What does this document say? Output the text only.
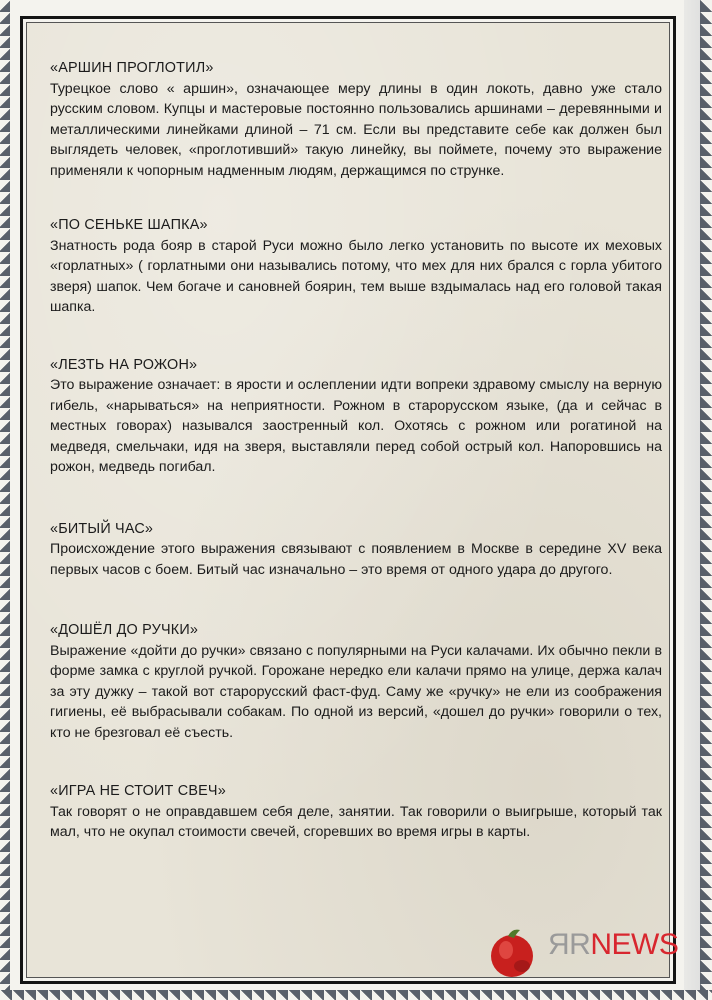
«АРШИН ПРОГЛОТИЛ»

Турецкое слово « аршин», означающее меру длины в один локоть, давно уже стало русским словом. Купцы и мастеровые постоянно пользовались аршинами – деревянными и металлическими линейками длиной – 71 см. Если вы представите себе как должен был выглядеть человек, «проглотивший» такую линейку, вы поймете, почему это выражение применяли к чопорным надменным людям, держащимся по струнке.

«ПО СЕНЬКЕ ШАПКА»

Знатность рода бояр в старой Руси можно было легко установить по высоте их меховых «горлатных» ( горлатными они назывались потому, что мех для них брался с горла убитого зверя) шапок. Чем богаче и сановней боярин, тем выше вздымалась над его головой такая шапка.

«ЛЕЗТЬ НА РОЖОН»

Это выражение означает: в ярости и ослеплении идти вопреки здравому смыслу на верную гибель, «нарываться» на неприятности. Рожном в старорусском языке, (да и сейчас в местных говорах) назывался заостренный кол. Охотясь с рожном или рогатиной на медведя, смельчаки, идя на зверя, выставляли перед собой острый кол. Напоровшись на рожон, медведь погибал.

«БИТЫЙ ЧАС»

Происхождение этого выражения связывают с появлением в Москве в середине XV века первых часов с боем. Битый час изначально – это время от одного удара до другого.

«ДОШЁЛ ДО РУЧКИ»

Выражение «дойти до ручки» связано с популярными на Руси калачами. Их обычно пекли в форме замка с круглой ручкой. Горожане нередко ели калачи прямо на улице, держа калач за эту дужку – такой вот старорусский фаст-фуд. Саму же «ручку» не ели из соображения гигиены, её выбрасывали собакам. По одной из версий, «дошел до ручки» говорили о тех, кто не брезговал её съесть.

«ИГРА НЕ СТОИТ СВЕЧ»

Так говорят о не оправдавшем себя деле, занятии. Так говорили о выигрыше, который так мал, что не окупал стоимости свечей, сгоревших во время игры в карты.

ЯRNEWS
